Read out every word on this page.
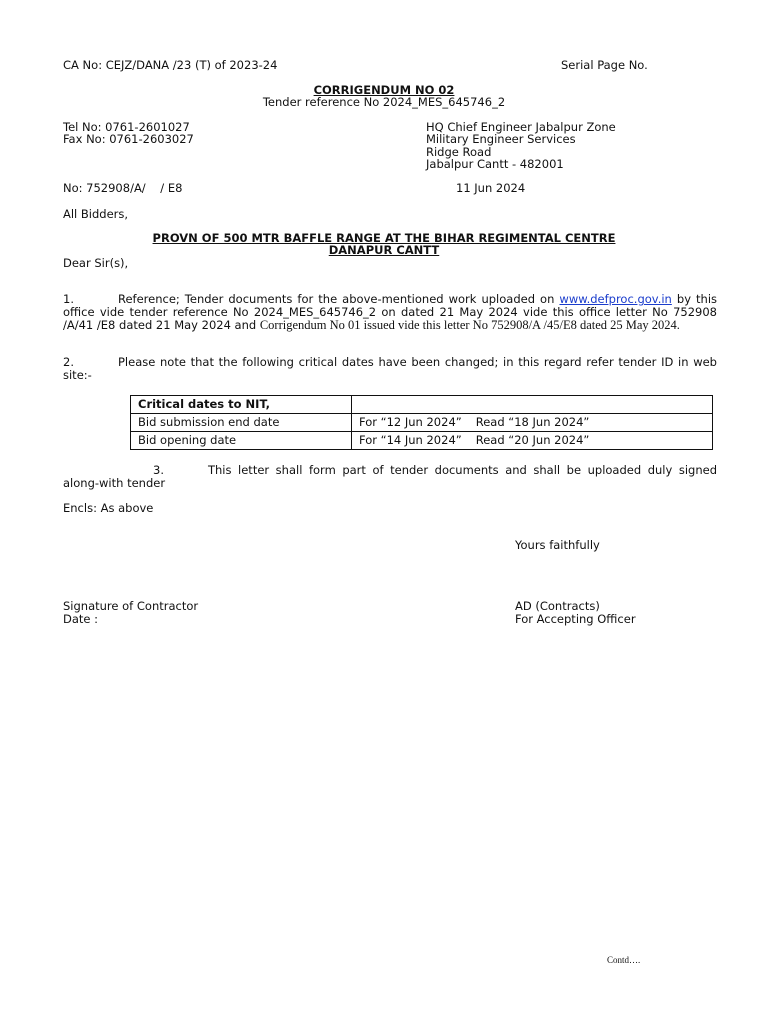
CA No: CEJZ/DANA /23 (T) of 2023-24	Serial Page No.
CORRIGENDUM NO 02
Tender reference No 2024_MES_645746_2
Tel No: 0761-2601027
Fax No: 0761-2603027
HQ Chief Engineer Jabalpur Zone
Military Engineer Services
Ridge Road
Jabalpur Cantt - 482001
No: 752908/A/    / E8	11 Jun 2024
All Bidders,
PROVN OF 500 MTR BAFFLE RANGE AT THE BIHAR REGIMENTAL CENTRE
DANAPUR CANTT
Dear Sir(s),
1.	Reference; Tender documents for the above-mentioned work uploaded on www.defproc.gov.in by this office vide tender reference No 2024_MES_645746_2 on dated 21 May 2024 vide this office letter No 752908 /A/41 /E8 dated 21 May 2024 and Corrigendum No 01 issued vide this letter No 752908/A /45/E8 dated 25 May 2024.
2.	Please note that the following critical dates have been changed; in this regard refer tender ID in web site:-
Critical dates to NIT,	
Bid submission end date	For “12 Jun 2024” Read “18 Jun 2024”
Bid opening date	For “14 Jun 2024” Read “20 Jun 2024”
3.	This letter shall form part of tender documents and shall be uploaded duly signed along-with tender
Encls: As above
Yours faithfully
Signature of Contractor
Date :
AD (Contracts)
For Accepting Officer
Contd….
